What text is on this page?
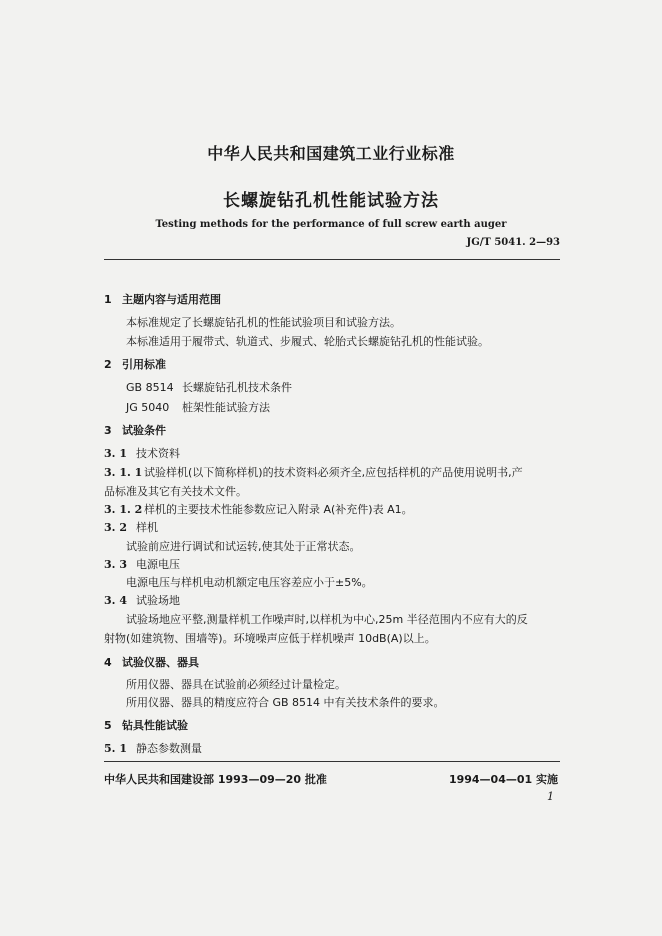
中华人民共和国建筑工业行业标准
长螺旋钻孔机性能试验方法
Testing methods for the performance of full screw earth auger
JG/T 5041. 2—93
1 主题内容与适用范围
本标准规定了长螺旋钻孔机的性能试验项目和试验方法。
本标准适用于履带式、轨道式、步履式、轮胎式长螺旋钻孔机的性能试验。
2 引用标准
GB 8514 长螺旋钻孔机技术条件
JG 5040 桩架性能试验方法
3 试验条件
3. 1 技术资料
3. 1. 1 试验样机(以下简称样机)的技术资料必须齐全,应包括样机的产品使用说明书,产
品标准及其它有关技术文件。
3. 1. 2 样机的主要技术性能参数应记入附录 A(补充件)表 A1。
3. 2 样机
试验前应进行调试和试运转,使其处于正常状态。
3. 3 电源电压
电源电压与样机电动机额定电压容差应小于±5%。
3. 4 试验场地
试验场地应平整,测量样机工作噪声时,以样机为中心,25m 半径范围内不应有大的反
射物(如建筑物、围墙等)。环境噪声应低于样机噪声 10dB(A)以上。
4 试验仪器、器具
所用仪器、器具在试验前必须经过计量检定。
所用仪器、器具的精度应符合 GB 8514 中有关技术条件的要求。
5 钻具性能试验
5. 1 静态参数测量
中华人民共和国建设部 1993—09—20 批准	1994—04—01 实施
1
